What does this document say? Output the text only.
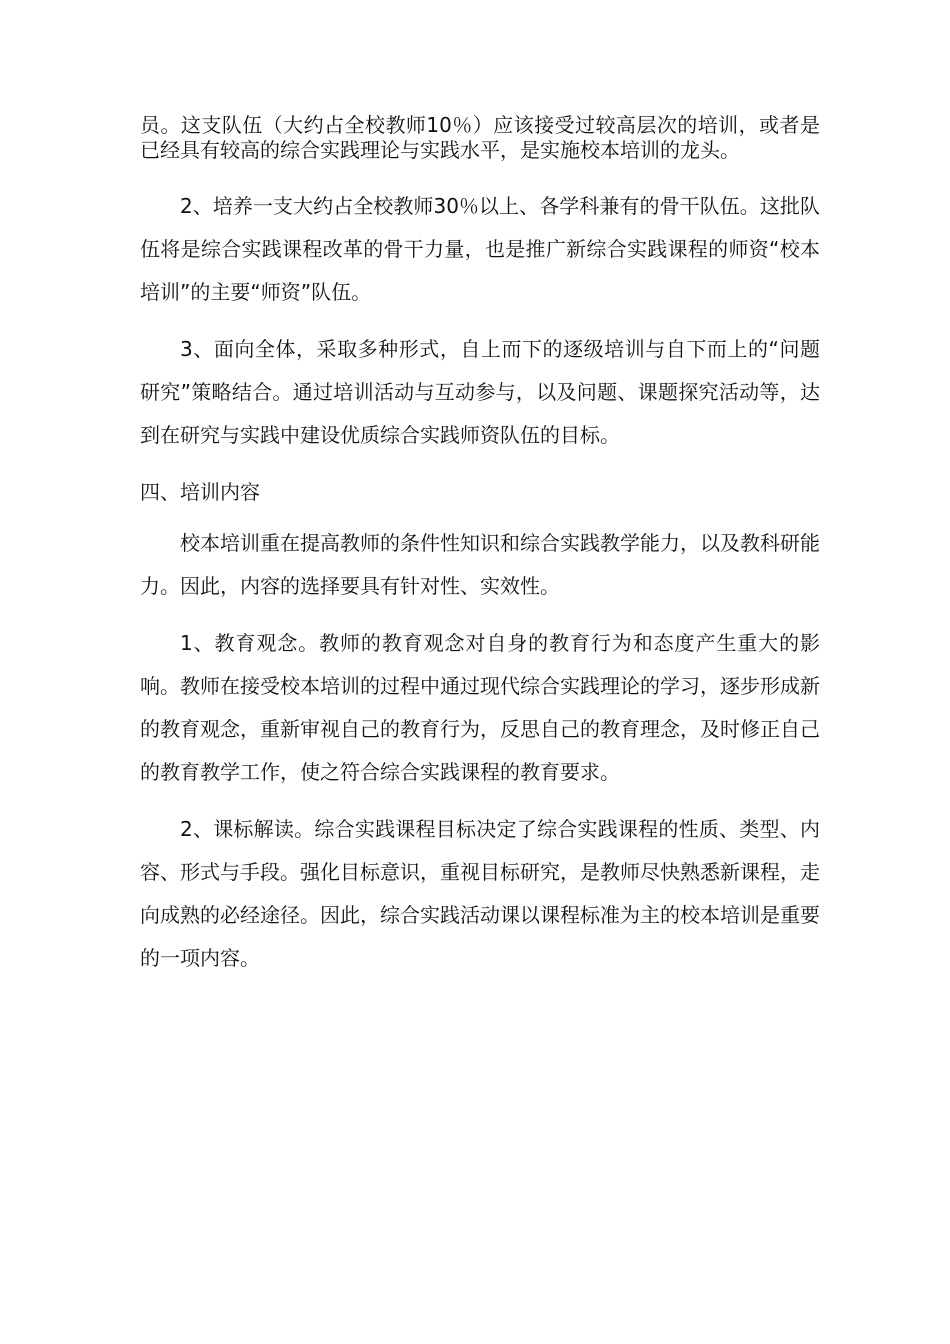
员。这支队伍（大约占全校教师10％）应该接受过较高层次的培训，或者是已经具有较高的综合实践理论与实践水平，是实施校本培训的龙头。

2、培养一支大约占全校教师30％以上、各学科兼有的骨干队伍。这批队伍将是综合实践课程改革的骨干力量，也是推广新综合实践课程的师资“校本培训”的主要“师资”队伍。

3、面向全体，采取多种形式，自上而下的逐级培训与自下而上的“问题研究”策略结合。通过培训活动与互动参与，以及问题、课题探究活动等，达到在研究与实践中建设优质综合实践师资队伍的目标。

四、培训内容

校本培训重在提高教师的条件性知识和综合实践教学能力，以及教科研能力。因此，内容的选择要具有针对性、实效性。

1、教育观念。教师的教育观念对自身的教育行为和态度产生重大的影响。教师在接受校本培训的过程中通过现代综合实践理论的学习，逐步形成新的教育观念，重新审视自己的教育行为，反思自己的教育理念，及时修正自己的教育教学工作，使之符合综合实践课程的教育要求。

2、课标解读。综合实践课程目标决定了综合实践课程的性质、类型、内容、形式与手段。强化目标意识，重视目标研究，是教师尽快熟悉新课程，走向成熟的必经途径。因此，综合实践活动课以课程标准为主的校本培训是重要的一项内容。
